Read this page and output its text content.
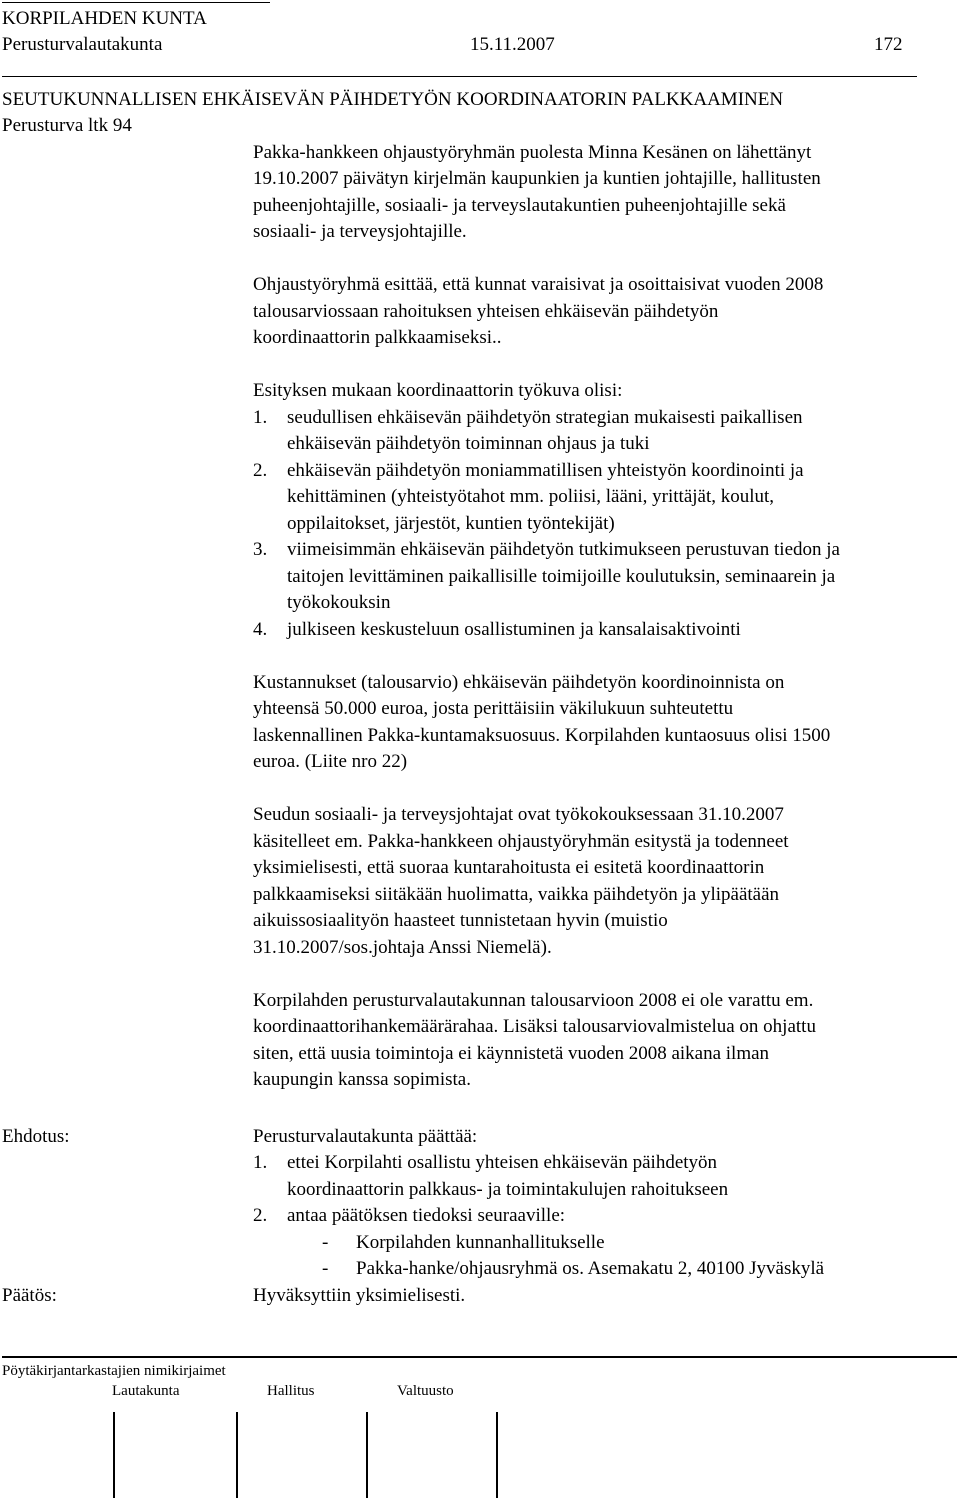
KORPILAHDEN KUNTA
Perusturvalautakunta	15.11.2007	172
SEUTUKUNNALLISEN EHKÄISEVÄN PÄIHDETYÖN KOORDINAATORIN PALKKAAMINEN
Perusturva ltk 94
Pakka-hankkeen ohjaustyöryhmän puolesta Minna Kesänen on lähettänyt
19.10.2007 päivätyn kirjelmän kaupunkien ja kuntien johtajille, hallitusten
puheenjohtajille, sosiaali- ja terveyslautakuntien puheenjohtajille sekä
sosiaali- ja terveysjohtajille.
Ohjaustyöryhmä esittää, että kunnat varaisivat ja osoittaisivat vuoden 2008
talousarviossaan rahoituksen yhteisen ehkäisevän päihdetyön
koordinaattorin palkkaamiseksi..
Esityksen mukaan koordinaattorin työkuva olisi:
1. seudullisen ehkäisevän päihdetyön strategian mukaisesti paikallisen
ehkäisevän päihdetyön toiminnan ohjaus ja tuki
2. ehkäisevän päihdetyön moniammatillisen yhteistyön koordinointi ja
kehittäminen (yhteistyötahot mm. poliisi, lääni, yrittäjät, koulut,
oppilaitokset, järjestöt, kuntien työntekijät)
3. viimeisimmän ehkäisevän päihdetyön tutkimukseen perustuvan tiedon ja
taitojen levittäminen paikallisille toimijoille koulutuksin, seminaarein ja
työkokouksin
4. julkiseen keskusteluun osallistuminen ja kansalaisaktivointi
Kustannukset (talousarvio) ehkäisevän päihdetyön koordinoinnista on
yhteensä 50.000 euroa, josta perittäisiin väkilukuun suhteutettu
laskennallinen Pakka-kuntamaksuosuus. Korpilahden kuntaosuus olisi 1500
euroa. (Liite nro 22)
Seudun sosiaali- ja terveysjohtajat ovat työkokouksessaan 31.10.2007
käsitelleet em. Pakka-hankkeen ohjaustyöryhmän esitystä ja todenneet
yksimielisesti, että suoraa kuntarahoitusta ei esitetä koordinaattorin
palkkaamiseksi siitäkään huolimatta, vaikka päihdetyön ja ylipäätään
aikuissosiaalityön haasteet tunnistetaan hyvin (muistio
31.10.2007/sos.johtaja Anssi Niemelä).
Korpilahden perusturvalautakunnan talousarvioon 2008 ei ole varattu em.
koordinaattorihankemäärärahaa. Lisäksi talousarviovalmistelua on ohjattu
siten, että uusia toimintoja ei käynnistetä vuoden 2008 aikana ilman
kaupungin kanssa sopimista.
Ehdotus:	Perusturvalautakunta päättää:
1. ettei Korpilahti osallistu yhteisen ehkäisevän päihdetyön
koordinaattorin palkkaus- ja toimintakulujen rahoitukseen
2. antaa päätöksen tiedoksi seuraaville:
- Korpilahden kunnanhallitukselle
- Pakka-hanke/ohjausryhmä os. Asemakatu 2, 40100 Jyväskylä
Päätös:	Hyväksyttiin yksimielisesti.
Pöytäkirjantarkastajien nimikirjaimet
Lautakunta	Hallitus	Valtuusto
